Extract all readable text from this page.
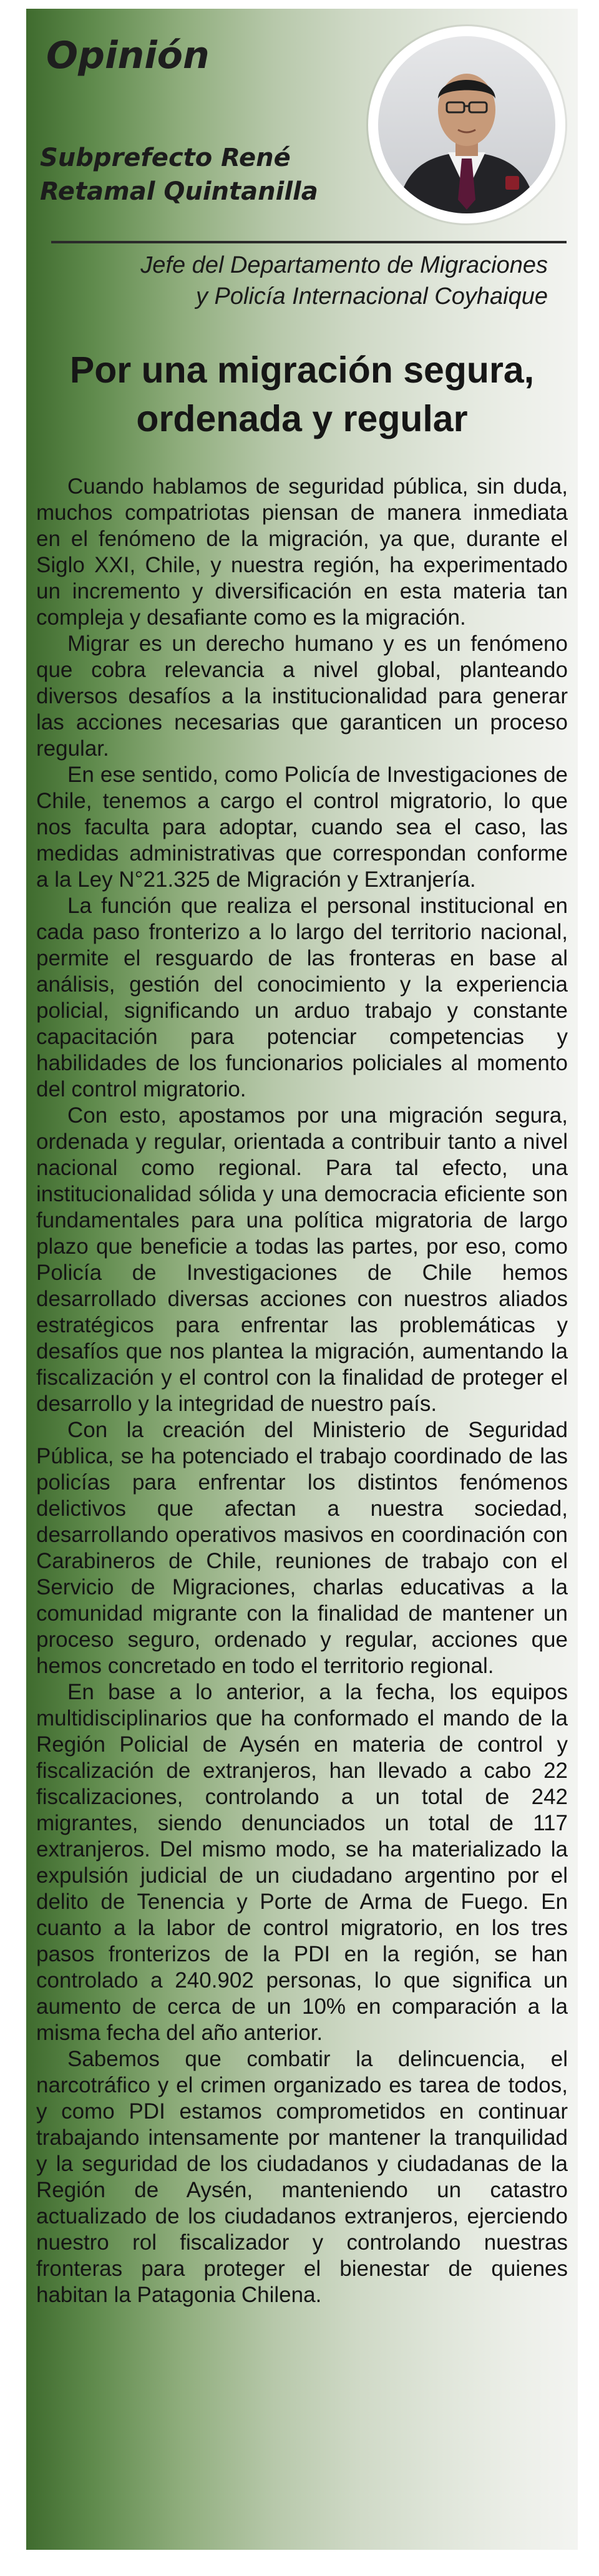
Opinión
Subprefecto René
Retamal Quintanilla
Jefe del Departamento de Migraciones
y Policía Internacional Coyhaique
Por una migración segura,
ordenada y regular

Cuando hablamos de seguridad pública, sin duda, muchos compatriotas piensan de manera inmediata en el fenómeno de la migración, ya que, durante el Siglo XXI, Chile, y nuestra región, ha experimentado un incremento y diversificación en esta materia tan compleja y desafiante como es la migración.

Migrar es un derecho humano y es un fenómeno que cobra relevancia a nivel global, planteando diversos desafíos a la institucionalidad para generar las acciones necesarias que garanticen un proceso regular.

En ese sentido, como Policía de Investigaciones de Chile, tenemos a cargo el control migratorio, lo que nos faculta para adoptar, cuando sea el caso, las medidas administrativas que correspondan conforme a la Ley N°21.325 de Migración y Extranjería.

La función que realiza el personal institucional en cada paso fronterizo a lo largo del territorio nacional, permite el resguardo de las fronteras en base al análisis, gestión del conocimiento y la experiencia policial, significando un arduo trabajo y constante capacitación para potenciar competencias y habilidades de los funcionarios policiales al momento del control migratorio.

Con esto, apostamos por una migración segura, ordenada y regular, orientada a contribuir tanto a nivel nacional como regional. Para tal efecto, una institucionalidad sólida y una democracia eficiente son fundamentales para una política migratoria de largo plazo que beneficie a todas las partes, por eso, como Policía de Investigaciones de Chile hemos desarrollado diversas acciones con nuestros aliados estratégicos para enfrentar las problemáticas y desafíos que nos plantea la migración, aumentando la fiscalización y el control con la finalidad de proteger el desarrollo y la integridad de nuestro país.

Con la creación del Ministerio de Seguridad Pública, se ha potenciado el trabajo coordinado de las policías para enfrentar los distintos fenómenos delictivos que afectan a nuestra sociedad, desarrollando operativos masivos en coordinación con Carabineros de Chile, reuniones de trabajo con el Servicio de Migraciones, charlas educativas a la comunidad migrante con la finalidad de mantener un proceso seguro, ordenado y regular, acciones que hemos concretado en todo el territorio regional.

En base a lo anterior, a la fecha, los equipos multidisciplinarios que ha conformado el mando de la Región Policial de Aysén en materia de control y fiscalización de extranjeros, han llevado a cabo 22 fiscalizaciones, controlando a un total de 242 migrantes, siendo denunciados un total de 117 extranjeros. Del mismo modo, se ha materializado la expulsión judicial de un ciudadano argentino por el delito de Tenencia y Porte de Arma de Fuego. En cuanto a la labor de control migratorio, en los tres pasos fronterizos de la PDI en la región, se han controlado a 240.902 personas, lo que significa un aumento de cerca de un 10% en comparación a la misma fecha del año anterior.

Sabemos que combatir la delincuencia, el narcotráfico y el crimen organizado es tarea de todos, y como PDI estamos comprometidos en continuar trabajando intensamente por mantener la tranquilidad y la seguridad de los ciudadanos y ciudadanas de la Región de Aysén, manteniendo un catastro actualizado de los ciudadanos extranjeros, ejerciendo nuestro rol fiscalizador y controlando nuestras fronteras para proteger el bienestar de quienes habitan la Patagonia Chilena.
